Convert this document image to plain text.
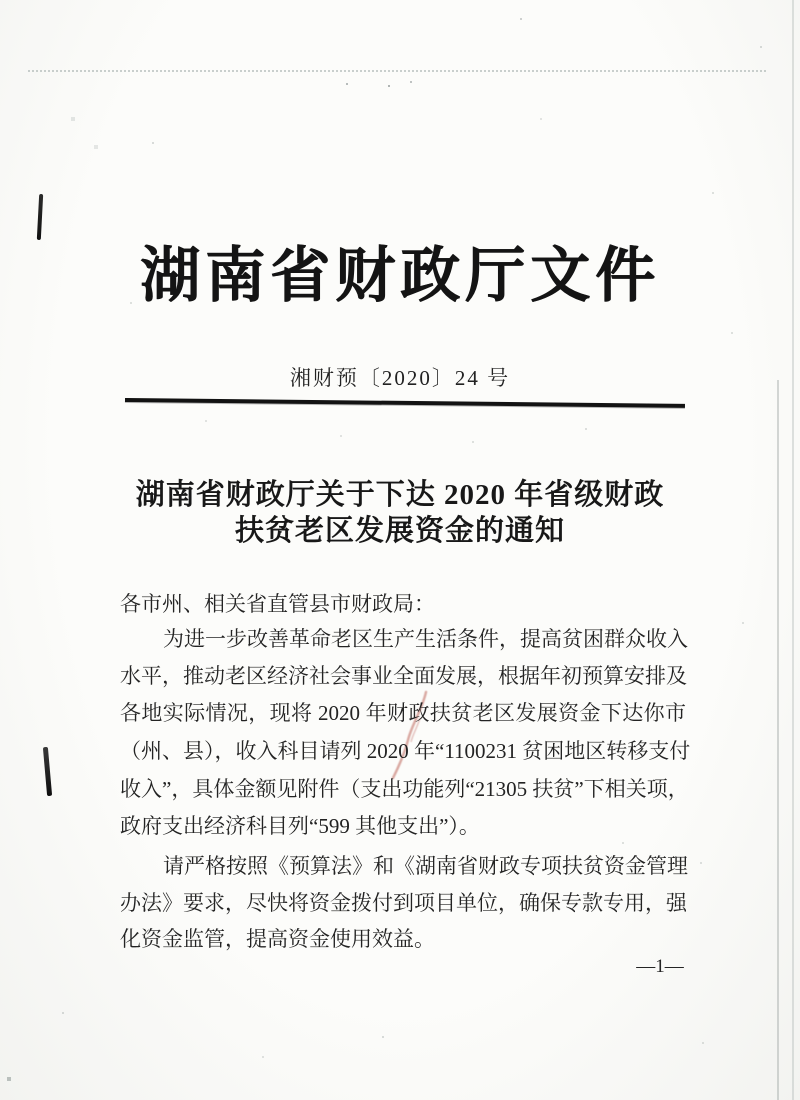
湖南省财政厅文件
湘财预〔2020〕24 号
湖南省财政厅关于下达 2020 年省级财政
扶贫老区发展资金的通知
各市州、相关省直管县市财政局：
为进一步改善革命老区生产生活条件，提高贫困群众收入
水平，推动老区经济社会事业全面发展，根据年初预算安排及
各地实际情况，现将 2020 年财政扶贫老区发展资金下达你市
（州、县），收入科目请列 2020 年“1100231 贫困地区转移支付
收入”，具体金额见附件（支出功能列“21305 扶贫”下相关项，
政府支出经济科目列“599 其他支出”）。
请严格按照《预算法》和《湖南省财政专项扶贫资金管理
办法》要求，尽快将资金拨付到项目单位，确保专款专用，强
化资金监管，提高资金使用效益。
—1—
